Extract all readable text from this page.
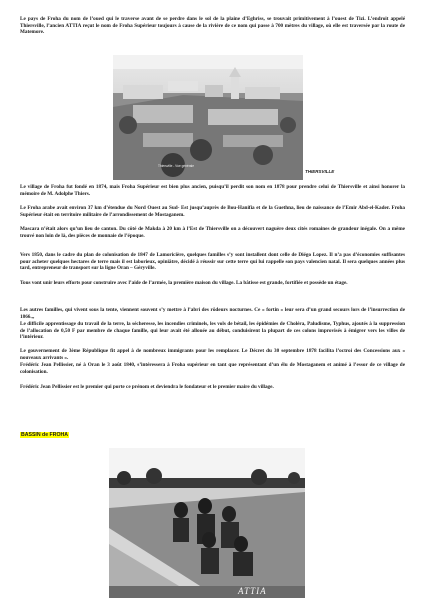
Le pays de Froha du nom de l’oued qui le traverse avant de se perdre dans le sol de la plaine d’Eghriss, se trouvait primitivement à l’ouest de Tizi. L’endroit appelé Thiersville, l’ancien ATTIA reçut le nom de Froha Supérieur toujours à cause de la rivière de ce nom qui passe à 700 mètres du village, où elle est traversée par la route de Matemore.

Thiersville - Vue générale
THIERSVILLE

Le village de Froha fut fondé en 1874, mais Froha Supérieur est bien plus ancien, puisqu’il perdit son nom en 1878 pour prendre celui de Thiersville et ainsi honorer la mémoire de M. Adolphe Thiers.

Le Froha arabe avait environ 37 km d’étendue du Nord Ouest au Sud- Est jusqu’auprès de Bou-Hanifia et de la Guethna, lieu de naissance de l’Emir Abd-el-Kader. Froha Supérieur était en territoire militaire de l’arrondissement de Mostaganem.

Mascara n’était alors qu’un lieu de canton. Du côté de Makda à 20 km à l’Est de Thiersville on a découvert naguère deux cités romaines de grandeur inégale. On a même trouvé non loin de là, des pièces de monnaie de l’époque.

Vers 1850, dans le cadre du plan de colonisation de 1847 de Lamoricière, quelques familles s’y sont installent dont celle de Diégo Lopez. Il n’a pas d’économies suffisantes pour acheter quelques hectares de terre mais il est laborieux, opiniâtre, décidé à réussir sur cette terre qui lui rappelle son pays valencien natal. Il sera quelques années plus tard, entrepreneur de transport sur la ligne Oran – Géryville.

Tous vont unir leurs efforts pour construire avec l’aide de l’armée, la première maison du village. La bâtisse est grande, fortifiée et possède un étage.

Les autres familles, qui vivent sous la tente, viennent souvent s’y mettre à l’abri des rôdeurs nocturnes. Ce « fortin » leur sera d’un grand secours lors de l’insurrection de 1866.,,

Le difficile apprentissage du travail de la terre, la sécheresse, les incendies criminels, les vols de bétail, les épidémies de Choléra, Paludisme, Typhus, ajoutés à la suppression de l’allocation de 0,50 F par membre de chaque famille, qui leur avait été allouée au début, conduisirent la plupart de ces colons improvisés à émigrer vers les villes de l’intérieur.

Le gouvernement de 3ème République fit appel à de nombreux immigrants pour les remplacer. Le Décret du 30 septembre 1878 facilita l’octroi des Concessions aux « nouveaux arrivants ».

Frédéric Jean Pellissier, né à Oran le 3 août 1840, s’intéressera à Froha supérieur en tant que représentant d’un élu de Mostaganem et animé à l’essor de ce village de colonisation.

Frédéric Jean Pellissier est le premier qui porte ce prénom et deviendra le fondateur et le premier maire du village.

BASSIN de FROHA
ATTIA
